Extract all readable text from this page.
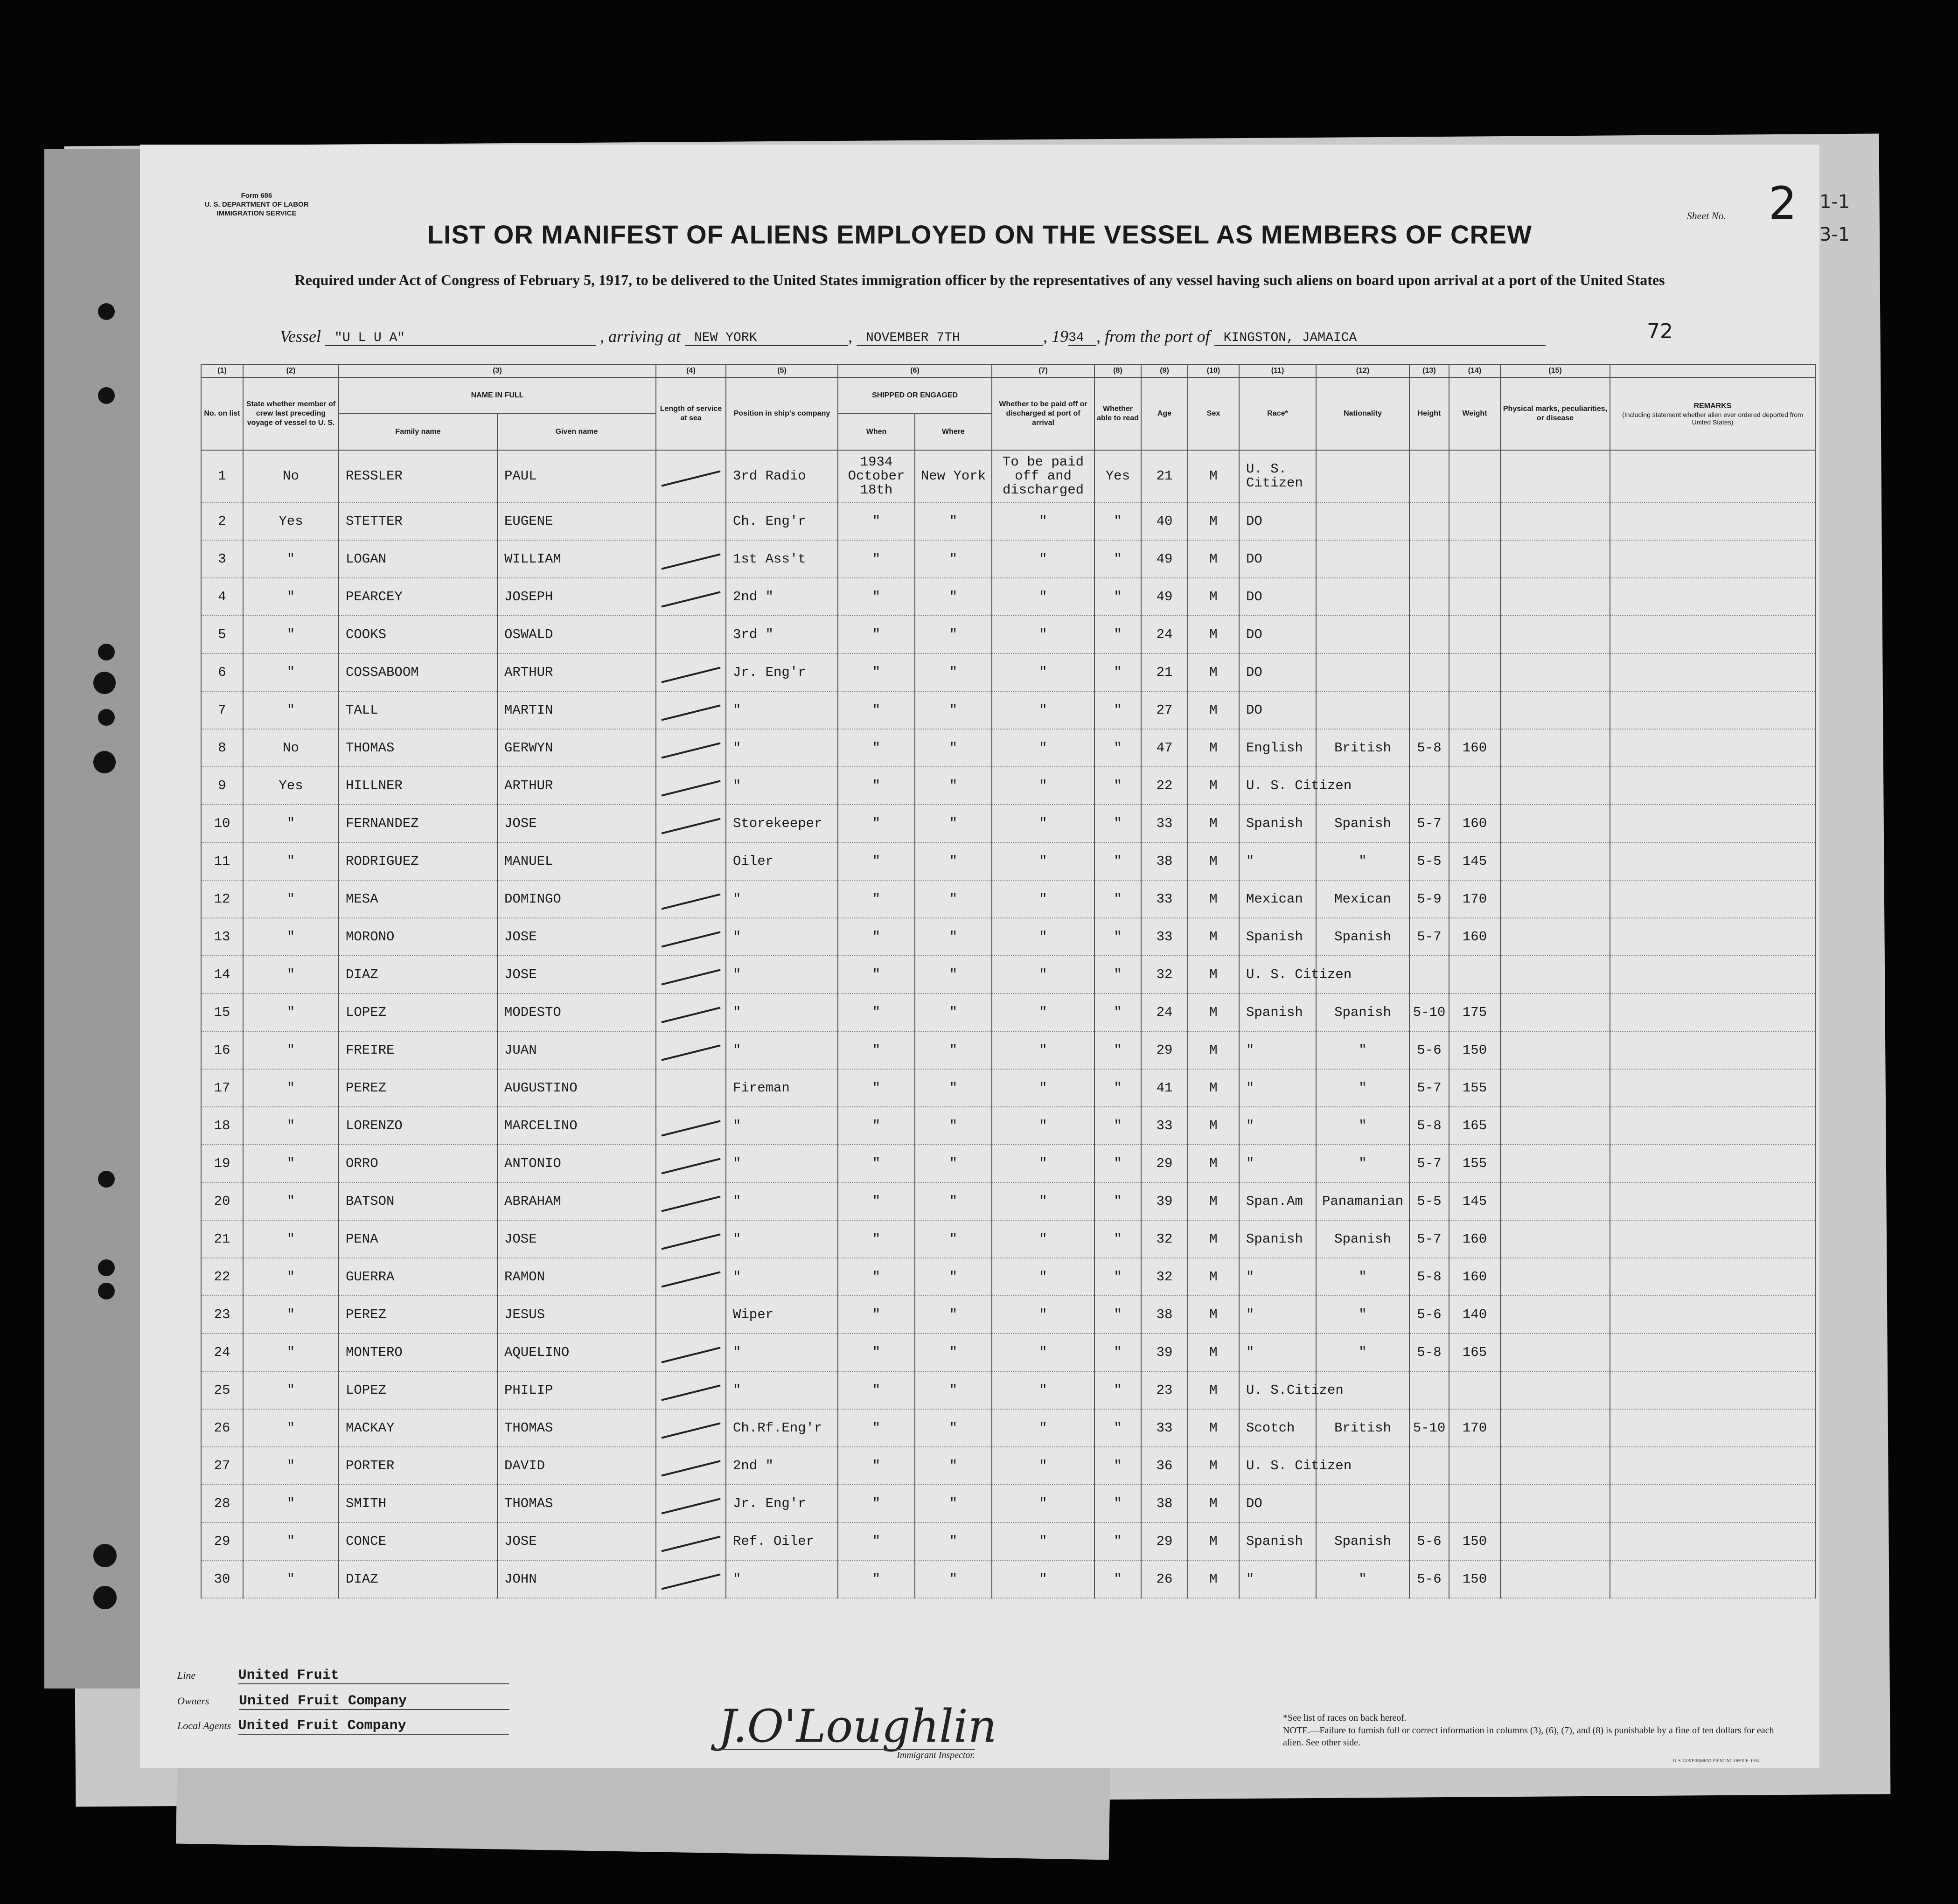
1-1
3-1
Form 686
U. S. DEPARTMENT OF LABOR
IMMIGRATION SERVICE	Sheet No. 2
LIST OR MANIFEST OF ALIENS EMPLOYED ON THE VESSEL AS MEMBERS OF CREW
Required under Act of Congress of February 5, 1917, to be delivered to the United States immigration officer by the representatives of any vessel having such aliens on board upon arrival at a port of the United States
Vessel "U L U A"	, arriving at NEW YORK	, NOVEMBER 7TH	, 1934 , from the port of KINGSTON, JAMAICA	72
(1)	(2)	(3)		(4)	(5)	(6)		(7)	(8)	(9)	(10)	(11)	(12)	(13)	(14)	(15)	
No. on list	State whether member of crew last preceding voyage of vessel to U. S.	NAME IN FULL		Length of service at sea	Position in ship's company	SHIPPED OR ENGAGED		Whether to be paid off or discharged at port of arrival	Whether able to read	Age	Sex	Race*	Nationality	Height	Weight	Physical marks, peculiarities, or disease	REMARKS
(Including statement whether alien ever ordered deported from United States)

		Family name	Given name			When	Where										
1	No	RESSLER	PAUL		3rd Radio	1934 October 18th	New York	To be paid off and discharged	Yes	21	M	U. S. Citizen					
2	Yes	STETTER	EUGENE		Ch. Eng'r	"	"	"	"	40	M	DO					
3	"	LOGAN	WILLIAM		1st Ass't	"	"	"	"	49	M	DO					
4	"	PEARCEY	JOSEPH		2nd "	"	"	"	"	49	M	DO					
5	"	COOKS	OSWALD		3rd "	"	"	"	"	24	M	DO					
6	"	COSSABOOM	ARTHUR		Jr. Eng'r	"	"	"	"	21	M	DO					
7	"	TALL	MARTIN		"	"	"	"	"	27	M	DO					
8	No	THOMAS	GERWYN		"	"	"	"	"	47	M	English	British	5-8	160		
9	Yes	HILLNER	ARTHUR		"	"	"	"	"	22	M	U. S. Citizen					
10	"	FERNANDEZ	JOSE		Storekeeper	"	"	"	"	33	M	Spanish	Spanish	5-7	160		
11	"	RODRIGUEZ	MANUEL		Oiler	"	"	"	"	38	M	"	"	5-5	145		
12	"	MESA	DOMINGO		"	"	"	"	"	33	M	Mexican	Mexican	5-9	170		
13	"	MORONO	JOSE		"	"	"	"	"	33	M	Spanish	Spanish	5-7	160		
14	"	DIAZ	JOSE		"	"	"	"	"	32	M	U. S. Citizen					
15	"	LOPEZ	MODESTO		"	"	"	"	"	24	M	Spanish	Spanish	5-10	175		
16	"	FREIRE	JUAN		"	"	"	"	"	29	M	"	"	5-6	150		
17	"	PEREZ	AUGUSTINO		Fireman	"	"	"	"	41	M	"	"	5-7	155		
18	"	LORENZO	MARCELINO		"	"	"	"	"	33	M	"	"	5-8	165		
19	"	ORRO	ANTONIO		"	"	"	"	"	29	M	"	"	5-7	155		
20	"	BATSON	ABRAHAM		"	"	"	"	"	39	M	Span.Am	Panamanian	5-5	145		
21	"	PENA	JOSE		"	"	"	"	"	32	M	Spanish	Spanish	5-7	160		
22	"	GUERRA	RAMON		"	"	"	"	"	32	M	"	"	5-8	160		
23	"	PEREZ	JESUS		Wiper	"	"	"	"	38	M	"	"	5-6	140		
24	"	MONTERO	AQUELINO		"	"	"	"	"	39	M	"	"	5-8	165		
25	"	LOPEZ	PHILIP		"	"	"	"	"	23	M	U. S.Citizen					
26	"	MACKAY	THOMAS		Ch.Rf.Eng'r	"	"	"	"	33	M	Scotch	British	5-10	170		
27	"	PORTER	DAVID		2nd "	"	"	"	"	36	M	U. S. Citizen					
28	"	SMITH	THOMAS		Jr. Eng'r	"	"	"	"	38	M	DO					
29	"	CONCE	JOSE		Ref. Oiler	"	"	"	"	29	M	Spanish	Spanish	5-6	150		
30	"	DIAZ	JOHN		"	"	"	"	"	26	M	"	"	5-6	150		
Line	United Fruit
Owners United Fruit Company
Local Agents United Fruit Company	J.O'Loughlin
Immigrant Inspector.
*See list of races on back hereof.
NOTE.—Failure to furnish full or correct information in columns (3), (6), (7), and (8) is punishable by a fine of ten dollars for each alien. See other side.
U. S. GOVERNMENT PRINTING OFFICE: 1933
